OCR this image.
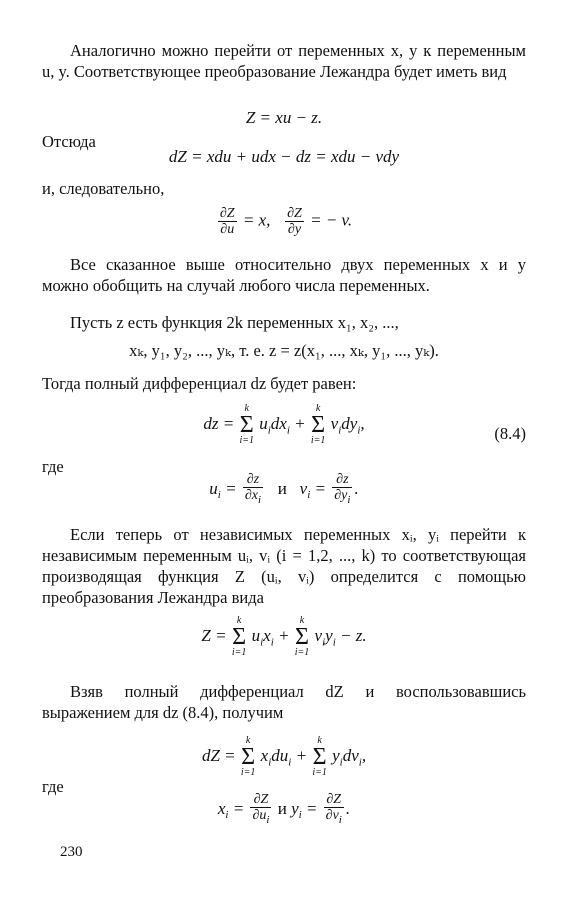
Аналогично можно перейти от переменных x, y к переменным u, y. Соответствующее преобразование Лежандра будет иметь вид

Z = xu − z.

Отсюда

dZ = xdu + udx − dz = xdu − vdy

и, следовательно,

$\frac{\partial Z}{\partial u} = x$, $\frac{\partial Z}{\partial y}$ = − v.

Все сказанное выше относительно двух переменных x и y можно обобщить на случай любого числа переменных.

Пусть z есть функция 2k переменных x₁, x₂, ...,

xₖ, y₁, y₂, ..., yₖ, т. е. z = z(x₁, ..., xₖ, y₁, ..., yₖ).

Тогда полный дифференциал dz будет равен:

dz =
k
Σ
i=1
$u_idx_i$ +
k
Σ
i=1
$v_idy_i$,
(8.4)

где

$u_i = \frac{\partial z}{\partial x_i}$ и   $v_i = \frac{\partial z}{\partial y_i}$ .

Если теперь от независимых переменных xᵢ, yᵢ перейти к независимым переменным uᵢ, vᵢ (i = 1,2, ..., k) то соответствующая производящая функция Z (uᵢ, vᵢ) определится с помощью преобразования Лежандра вида

Z =
k
Σ
i=1
$u_ix_i$ +
k
Σ
i=1
$v_iy_i - z$.

Взяв полный дифференциал dZ и воспользовавшись выражением для dz (8.4), получим

dZ =
k
Σ
i=1
$x_idu_i$ +
k
Σ
i=1
$y_idv_i$,

где

$x_i = \frac{\partial Z}{\partial u_i}$ и $y_i = \frac{\partial Z}{\partial v_i}$ .
230
